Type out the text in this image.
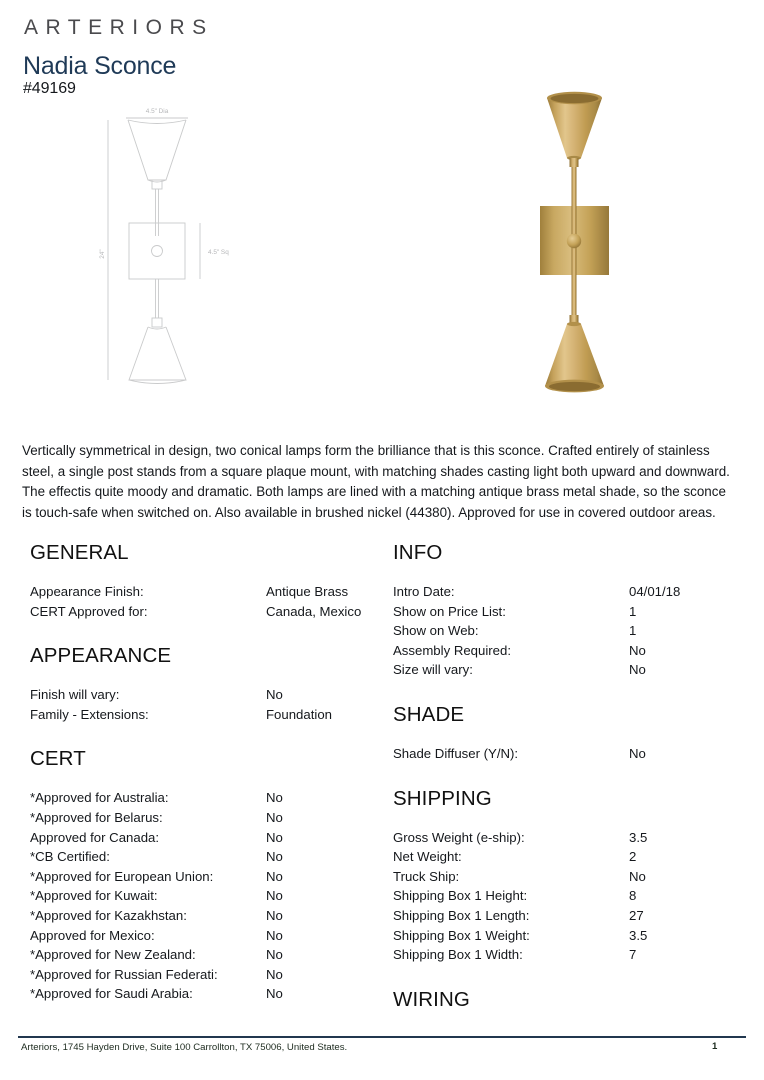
ARTERIORS
Nadia Sconce
#49169
4.5" Dia
4.5" Sq
24"

Vertically symmetrical in design, two conical lamps form the brilliance that is this sconce. Crafted entirely of stainless steel, a single post stands from a square plaque mount, with matching shades casting light both upward and downward. The effectis quite moody and dramatic. Both lamps are lined with a matching antique brass metal shade, so the sconce is touch-safe when switched on. Also available in brushed nickel (44380). Approved for use in covered outdoor areas.

GENERAL
Appearance Finish:	Antique Brass
CERT Approved for:	Canada, Mexico
APPEARANCE
Finish will vary:	No
Family - Extensions:	Foundation
CERT
*Approved for Australia:	No
*Approved for Belarus:	No
Approved for Canada:	No
*CB Certified:	No
*Approved for European Union:	No
*Approved for Kuwait:	No
*Approved for Kazakhstan:	No
Approved for Mexico:	No
*Approved for New Zealand:	No
*Approved for Russian Federati:	No
*Approved for Saudi Arabia:	No
INFO
Intro Date:	04/01/18
Show on Price List:	1
Show on Web:	1
Assembly Required:	No
Size will vary:	No
SHADE
Shade Diffuser (Y/N):	No
SHIPPING
Gross Weight (e-ship):	3.5
Net Weight:	2
Truck Ship:	No
Shipping Box 1 Height:	8
Shipping Box 1 Length:	27
Shipping Box 1 Weight:	3.5
Shipping Box 1 Width:	7
WIRING
Arteriors, 1745 Hayden Drive, Suite 100 Carrollton, TX 75006, United States.	1
